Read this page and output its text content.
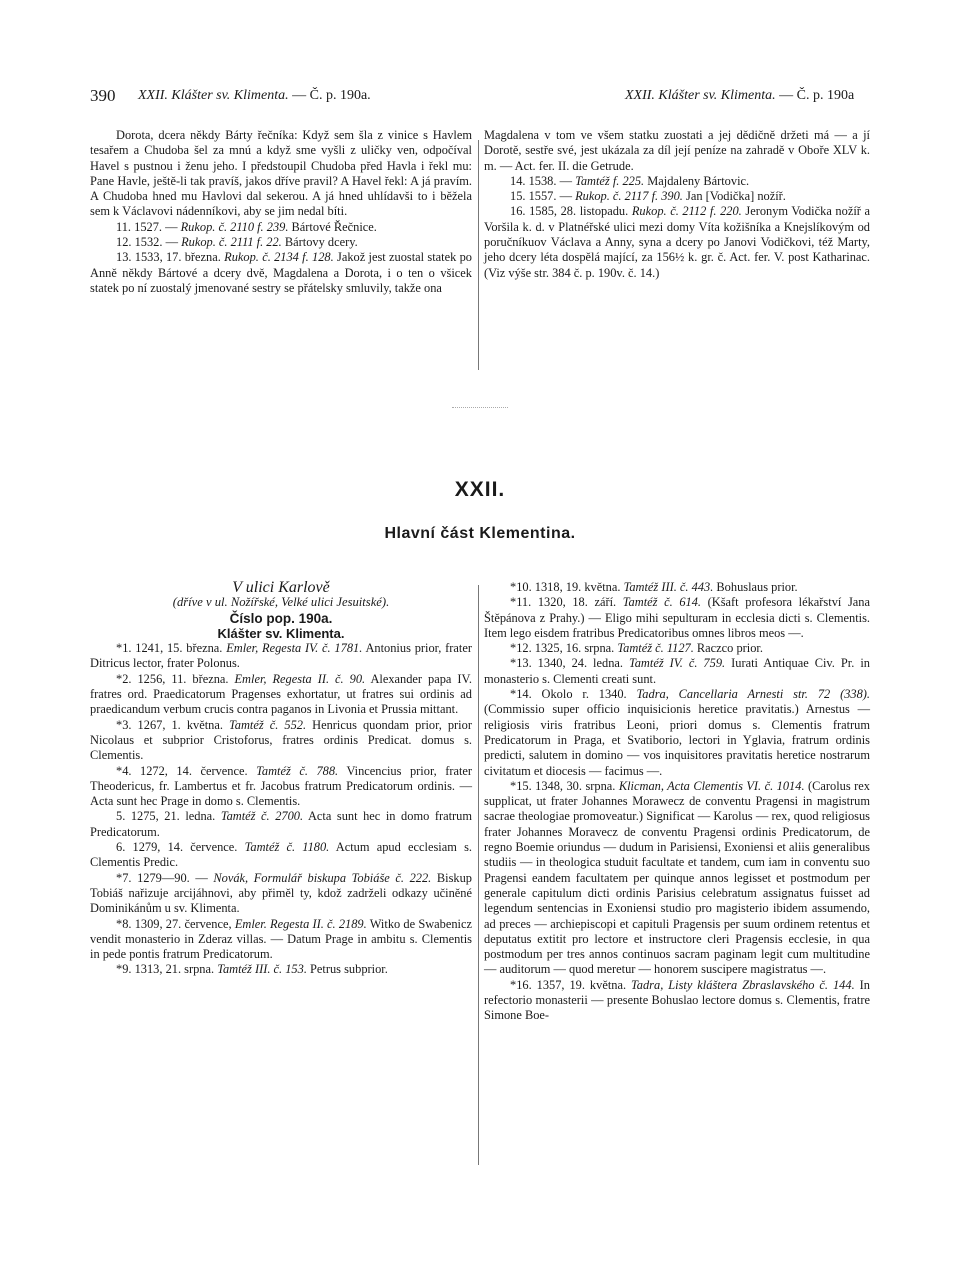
390 XXII. Klášter sv. Klimenta. — Č. p. 190a.	XXII. Klášter sv. Klimenta. — Č. p. 190a

Dorota, dcera někdy Bárty řečníka: Když sem šla z vinice s Havlem tesařem a Chudoba šel za mnú a když sme vyšli z uličky ven, odpočíval Havel s pustnou i ženu jeho. I předstoupil Chudoba před Havla i řekl mu: Pane Havle, ještě-li tak pravíš, jakos dříve pravil? A Havel řekl: A já pravím. A Chudoba hned mu Havlovi dal sekerou. A já hned uhlídavši to i běžela sem k Václavovi nádenníkovi, aby se jim nedal bíti.

11. 1527. — Rukop. č. 2110 f. 239. Bártové Řečnice.

12. 1532. — Rukop. č. 2111 f. 22. Bártovy dcery.

13. 1533, 17. března. Rukop. č. 2134 f. 128. Jakož jest zuostal statek po Anně někdy Bártové a dcery dvě, Magdalena a Dorota, i o ten o všicek statek po ní zuostalý jmenované sestry se přátelsky smluvily, takže ona

Magdalena v tom ve všem statku zuostati a jej dědičně držeti má — a jí Dorotě, sestře své, jest ukázala za díl její peníze na zahradě v Oboře XLV k. m. — Act. fer. II. die Getrude.

14. 1538. — Tamtéž f. 225. Majdaleny Bártovic.

15. 1557. — Rukop. č. 2117 f. 390. Jan [Vodička] nožíř.

16. 1585, 28. listopadu. Rukop. č. 2112 f. 220. Jeronym Vodička nožíř a Voršila k. d. v Platnéřské ulici mezi domy Víta kožišníka a Knejslíkovým od poručníkuov Václava a Anny, syna a dcery po Janovi Vodičkovi, též Marty, jeho dcery léta dospělá mající, za 156½ k. gr. č. Act. fer. V. post Katharinac. (Viz výše str. 384 č. p. 190v. č. 14.)

XXII.
Hlavní část Klementina.

V ulici Karlově

(dříve v ul. Nožířské, Velké ulici Jesuitské).

Číslo pop. 190a.

Klášter sv. Klimenta.

*1. 1241, 15. března. Emler, Regesta IV. č. 1781. Antonius prior, frater Ditricus lector, frater Polonus.

*2. 1256, 11. března. Emler, Regesta II. č. 90. Alexander papa IV. fratres ord. Praedicatorum Pragenses exhortatur, ut fratres sui ordinis ad praedicandum verbum crucis contra paganos in Livonia et Prussia mittant.

*3. 1267, 1. května. Tamtéž č. 552. Henricus quondam prior, prior Nicolaus et subprior Cristoforus, fratres ordinis Predicat. domus s. Clementis.

*4. 1272, 14. července. Tamtéž č. 788. Vincencius prior, frater Theodericus, fr. Lambertus et fr. Jacobus fratrum Predicatorum ordinis. — Acta sunt hec Prage in domo s. Clementis.

5. 1275, 21. ledna. Tamtéž č. 2700. Acta sunt hec in domo fratrum Predicatorum.

6. 1279, 14. července. Tamtéž č. 1180. Actum apud ecclesiam s. Clementis Predic.

*7. 1279—90. — Novák, Formulář biskupa Tobiáše č. 222. Biskup Tobiáš nařizuje arcijáhnovi, aby přiměl ty, kdož zadrželi odkazy učiněné Dominikánům u sv. Klimenta.

*8. 1309, 27. července, Emler. Regesta II. č. 2189. Witko de Swabenicz vendit monasterio in Zderaz villas. — Datum Prage in ambitu s. Clementis in pede pontis fratrum Predicatorum.

*9. 1313, 21. srpna. Tamtéž III. č. 153. Petrus subprior.

*10. 1318, 19. května. Tamtéž III. č. 443. Bohuslaus prior.

*11. 1320, 18. září. Tamtéž č. 614. (Kšaft profesora lékařství Jana Štěpánova z Prahy.) — Eligo mihi sepulturam in ecclesia dicti s. Clementis. Item lego eisdem fratribus Predicatoribus omnes libros meos —.

*12. 1325, 16. srpna. Tamtéž č. 1127. Raczco prior.

*13. 1340, 24. ledna. Tamtéž IV. č. 759. Iurati Antiquae Civ. Pr. in monasterio s. Clementi creati sunt.

*14. Okolo r. 1340. Tadra, Cancellaria Arnesti str. 72 (338). (Commissio super officio inquisicionis heretice pravitatis.) Arnestus — religiosis viris fratribus Leoni, priori domus s. Clementis fratrum Predicatorum in Praga, et Svatiborio, lectori in Yglavia, fratrum ordinis predicti, salutem in domino — vos inquisitores pravitatis heretice nostrarum civitatum et diocesis — facimus —.

*15. 1348, 30. srpna. Klicman, Acta Clementis VI. č. 1014. (Carolus rex supplicat, ut frater Johannes Morawecz de conventu Pragensi in magistrum sacrae theologiae promoveatur.) Significat — Karolus — rex, quod religiosus frater Johannes Moravecz de conventu Pragensi ordinis Predicatorum, de regno Boemie oriundus — dudum in Parisiensi, Exoniensi et aliis generalibus studiis — in theologica studuit facultate et tandem, cum iam in conventu suo Pragensi eandem facultatem per quinque annos legisset et postmodum per generale capitulum dicti ordinis Parisius celebratum assignatus fuisset ad legendum sentencias in Exoniensi studio pro magisterio ibidem assumendo, ad preces — archiepiscopi et capituli Pragensis per suum ordinem retentus et deputatus extitit pro lectore et instructore cleri Pragensis ecclesie, in qua postmodum per tres annos continuos sacram paginam legit cum multitudine — auditorum — quod meretur — honorem suscipere magistratus —.

*16. 1357, 19. května. Tadra, Listy kláštera Zbraslavského č. 144. In refectorio monasterii — presente Bohuslao lectore domus s. Clementis, fratre Simone Boe-
